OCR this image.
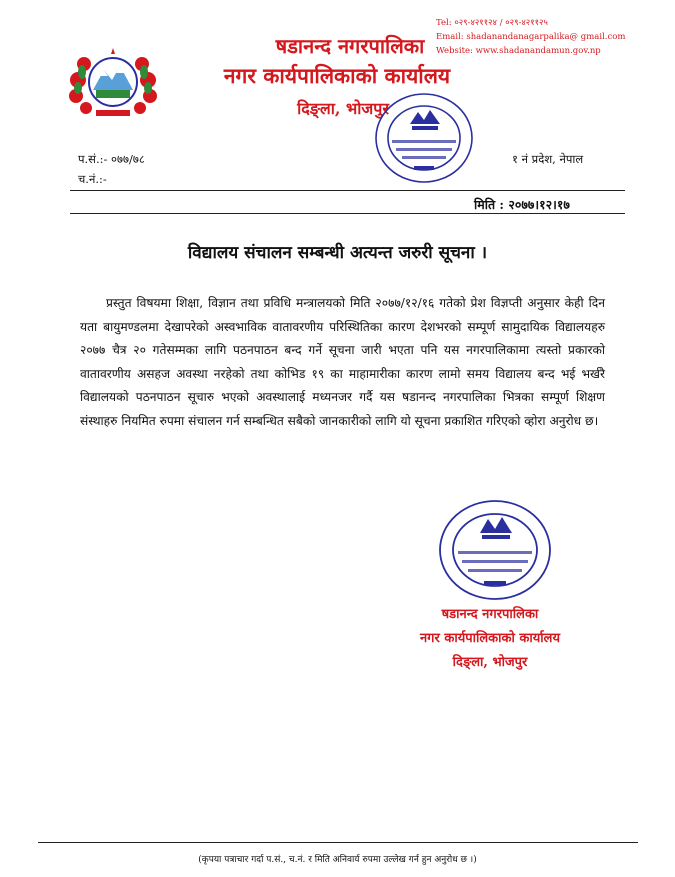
षडानन्द नगरपालिका
नगर कार्यपालिकाको कार्यालय
दिङ्ला, भोजपुर
Tel: ०२९-४२११२४ / ०२९-४२११२५
Email: shadanandanagarpalika@ gmail.com
Website: www.shadanandamun.gov.np
प.सं.:- ०७७/७८
च.नं.:-
१ नं प्रदेश, नेपाल
मिति : २०७७।१२।१७
विद्यालय संचालन सम्बन्धी अत्यन्त जरुरी सूचना ।

प्रस्तुत विषयमा शिक्षा, विज्ञान तथा प्रविधि मन्त्रालयको मिति २०७७/१२/१६ गतेको प्रेश विज्ञप्ती अनुसार केही दिन यता बायुमण्डलमा देखापरेको अस्वभाविक वातावरणीय परिस्थितिका कारण देशभरको सम्पूर्ण सामुदायिक विद्यालयहरु २०७७ चैत्र २० गतेसम्मका लागि पठनपाठन बन्द गर्ने सूचना जारी भएता पनि यस नगरपालिकामा त्यस्तो प्रकारको वातावरणीय असहज अवस्था नरहेको तथा कोभिड १९ का माहामारीका कारण लामो समय विद्यालय बन्द भई भर्खरै विद्यालयको पठनपाठन सूचारु भएको अवस्थालाई मध्यनजर गर्दै यस षडानन्द नगरपालिका भित्रका सम्पूर्ण शिक्षण संस्थाहरु नियमित रुपमा संचालन गर्न सम्बन्धित सबैको जानकारीको लागि यो सूचना प्रकाशित गरिएको व्होरा अनुरोध छ।

षडानन्द नगरपालिका
नगर कार्यपालिकाको कार्यालय
दिङ्ला, भोजपुर
(कृपया पत्राचार गर्दा प.सं., च.नं. र मिति अनिवार्य रुपमा उल्लेख गर्न हुन अनुरोध छ ।)
